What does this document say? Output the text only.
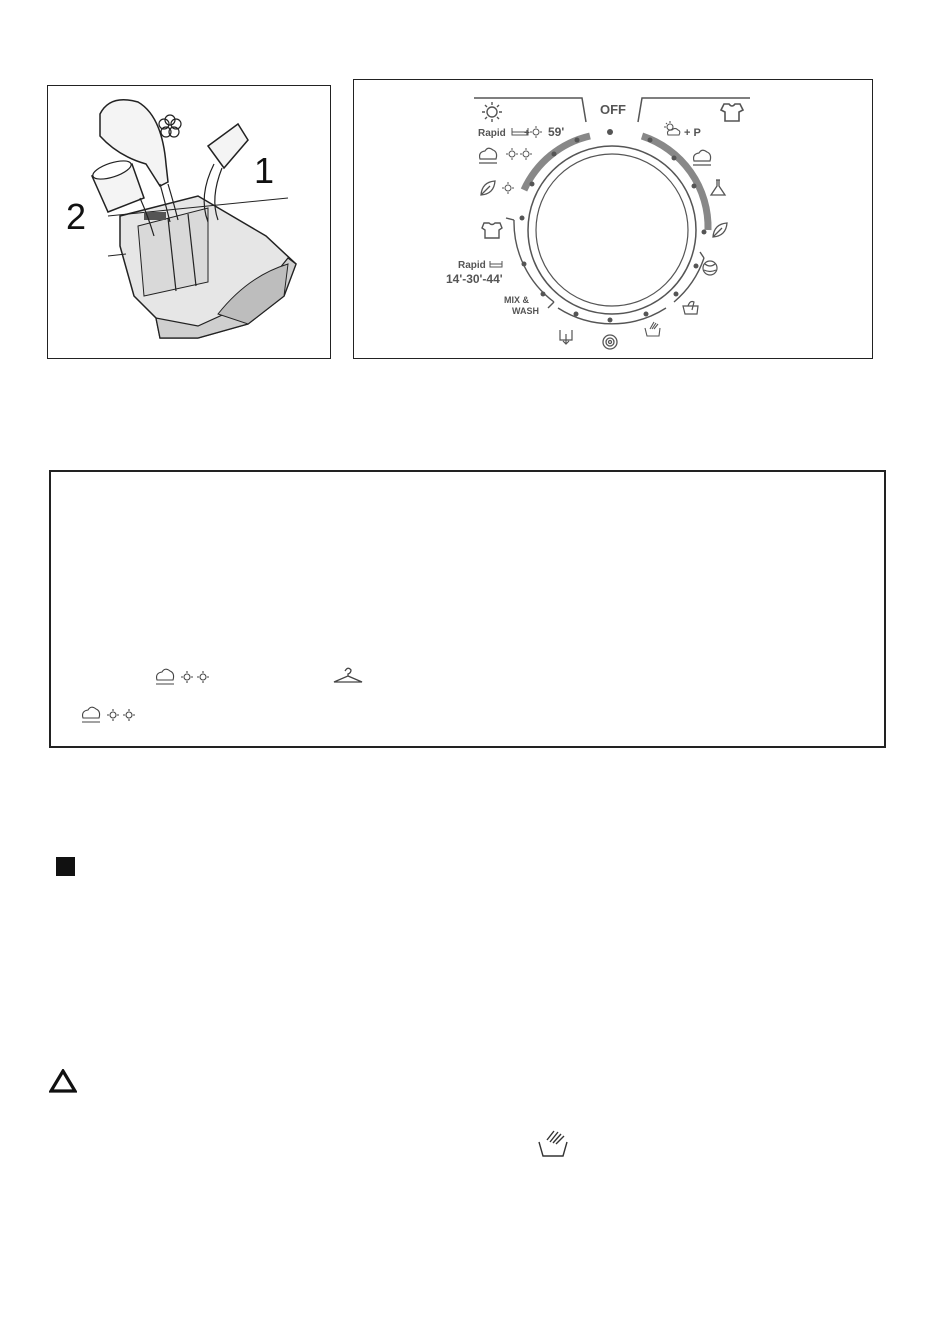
1
2
OFF
Rapid + 59'
Rapid
14'-30'-44'
MIX &
WASH
+ P
